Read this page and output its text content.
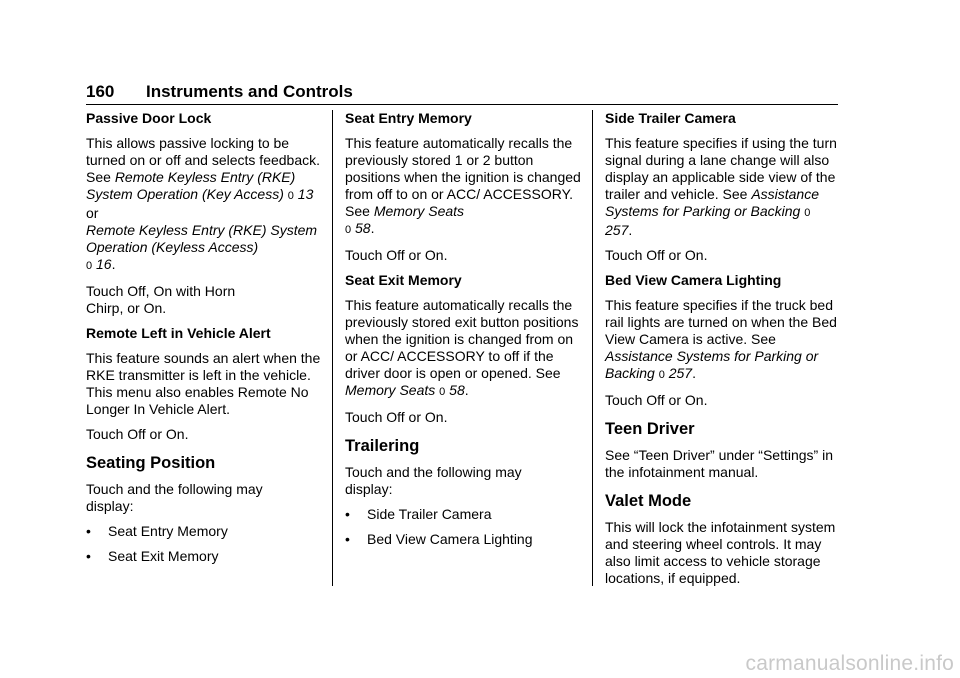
160 Instruments and Controls
Passive Door Lock
This allows passive locking to be turned on or off and selects feedback. See Remote Keyless Entry (RKE) System Operation (Key Access) 0 13 or
Remote Keyless Entry (RKE) System Operation (Keyless Access)
0 16.
Touch Off, On with Horn Chirp, or On.
Remote Left in Vehicle Alert
This feature sounds an alert when the RKE transmitter is left in the vehicle. This menu also enables Remote No Longer In Vehicle Alert.
Touch Off or On.
Seating Position
Touch and the following may display:
•	Seat Entry Memory
•	Seat Exit Memory
Seat Entry Memory
This feature automatically recalls the previously stored 1 or 2 button positions when the ignition is changed from off to on or ACC/ ACCESSORY. See Memory Seats
0 58.
Touch Off or On.
Seat Exit Memory
This feature automatically recalls the previously stored exit button positions when the ignition is changed from on or ACC/ ACCESSORY to off if the driver door is open or opened. See Memory Seats 0 58.
Touch Off or On.
Trailering
Touch and the following may display:
•	Side Trailer Camera
•	Bed View Camera Lighting
Side Trailer Camera
This feature specifies if using the turn signal during a lane change will also display an applicable side view of the trailer and vehicle. See Assistance Systems for Parking or Backing 0 257.
Touch Off or On.
Bed View Camera Lighting
This feature specifies if the truck bed rail lights are turned on when the Bed View Camera is active. See Assistance Systems for Parking or Backing 0 257.
Touch Off or On.
Teen Driver
See “Teen Driver” under “Settings” in the infotainment manual.
Valet Mode
This will lock the infotainment system and steering wheel controls. It may also limit access to vehicle storage locations, if equipped.
carmanualsonline.info
